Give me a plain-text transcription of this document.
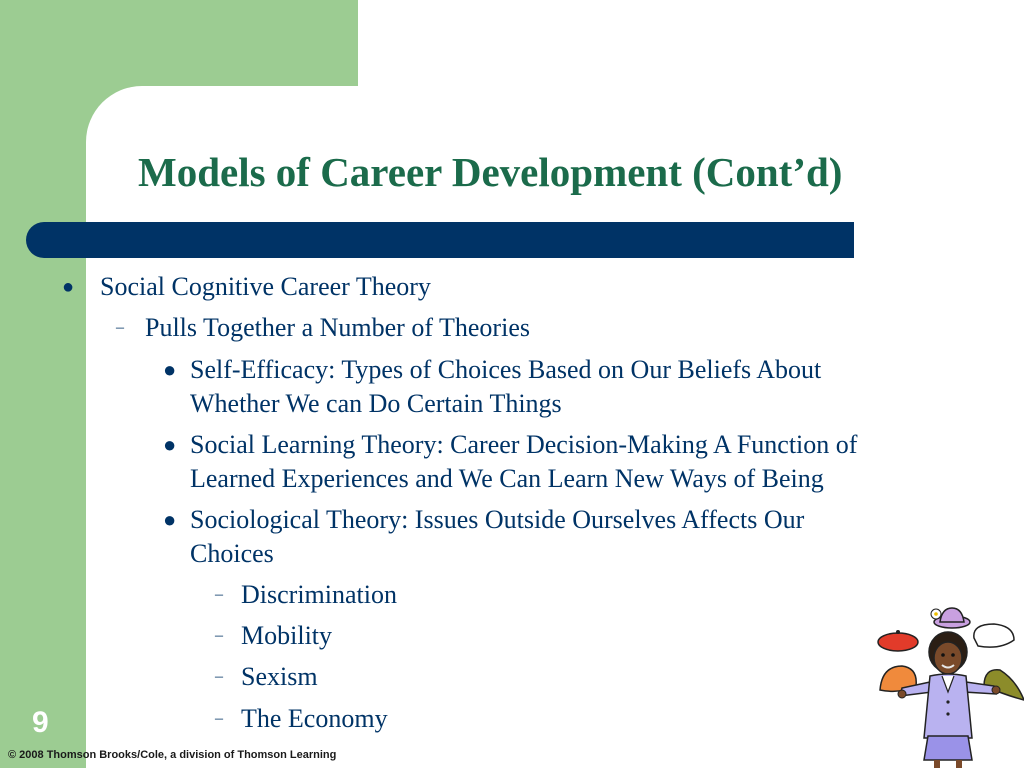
Models of Career Development (Cont’d)
● Social Cognitive Career Theory
– Pulls Together a Number of Theories
● Self-Efficacy: Types of Choices Based on Our Beliefs About
Whether We can Do Certain Things
● Social Learning Theory: Career Decision-Making A Function of
Learned Experiences and We Can Learn New Ways of Being
● Sociological Theory: Issues Outside Ourselves Affects Our
Choices
– Discrimination
– Mobility
– Sexism
– The Economy
9
© 2008 Thomson Brooks/Cole, a division of Thomson Learning
